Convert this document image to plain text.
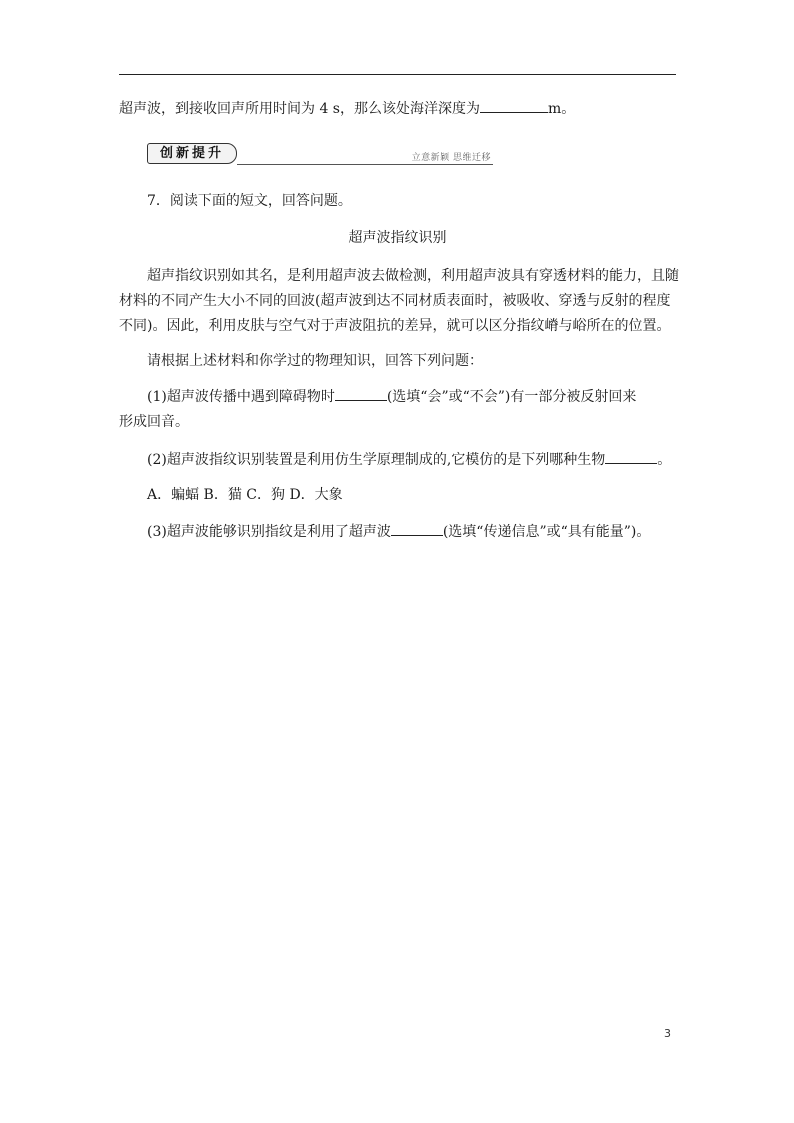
超声波，到接收回声所用时间为 4 s，那么该处海洋深度为	m。
创新提升	立意新颖 思维迁移
7．阅读下面的短文，回答问题。
超声波指纹识别
超声指纹识别如其名，是利用超声波去做检测，利用超声波具有穿透材料的能力，且随
材料的不同产生大小不同的回波(超声波到达不同材质表面时，被吸收、穿透与反射的程度
不同)。因此，利用皮肤与空气对于声波阻抗的差异，就可以区分指纹嵴与峪所在的位置。
请根据上述材料和你学过的物理知识，回答下列问题：
(1)超声波传播中遇到障碍物时	(选填“会”或“不会”)有一部分被反射回来
形成回音。
(2)超声波指纹识别装置是利用仿生学原理制成的,它模仿的是下列哪种生物	。
A．蝙蝠 B．猫 C．狗 D．大象
(3)超声波能够识别指纹是利用了超声波	(选填“传递信息”或“具有能量”)。
3
